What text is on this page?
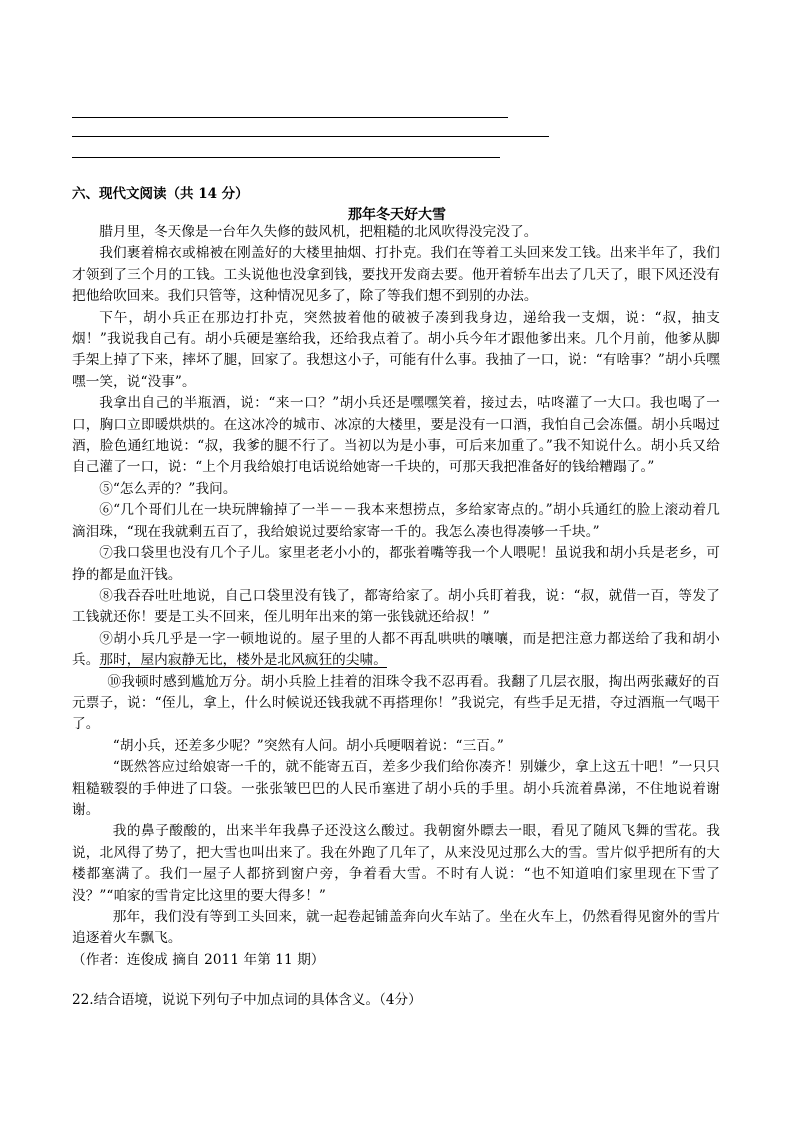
六、现代文阅读（共 14 分）
那年冬天好大雪

腊月里，冬天像是一台年久失修的鼓风机，把粗糙的北风吹得没完没了。

我们裹着棉衣或棉被在刚盖好的大楼里抽烟、打扑克。我们在等着工头回来发工钱。出来半年了，我们才领到了三个月的工钱。工头说他也没拿到钱，要找开发商去要。他开着轿车出去了几天了，眼下风还没有把他给吹回来。我们只管等，这种情况见多了，除了等我们想不到别的办法。

下午，胡小兵正在那边打扑克，突然披着他的破被子凑到我身边，递给我一支烟，说：“叔，抽支烟！”我说我自己有。胡小兵硬是塞给我，还给我点着了。胡小兵今年才跟他爹出来。几个月前，他爹从脚手架上掉了下来，摔坏了腿，回家了。我想这小子，可能有什么事。我抽了一口，说：“有啥事？”胡小兵嘿嘿一笑，说“没事”。

我拿出自己的半瓶酒，说：“来一口？”胡小兵还是嘿嘿笑着，接过去，咕咚灌了一大口。我也喝了一口，胸口立即暖烘烘的。在这冰冷的城市、冰凉的大楼里，要是没有一口酒，我怕自己会冻僵。胡小兵喝过酒，脸色通红地说：“叔，我爹的腿不行了。当初以为是小事，可后来加重了。”我不知说什么。胡小兵又给自己灌了一口，说：“上个月我给娘打电话说给她寄一千块的，可那天我把准备好的钱给糟蹋了。”

⑤“怎么弄的？”我问。

⑥“几个哥们儿在一块玩牌输掉了一半－－我本来想捞点，多给家寄点的。”胡小兵通红的脸上滚动着几滴泪珠，“现在我就剩五百了，我给娘说过要给家寄一千的。我怎么凑也得凑够一千块。”

⑦我口袋里也没有几个子儿。家里老老小小的，都张着嘴等我一个人喂呢！虽说我和胡小兵是老乡，可挣的都是血汗钱。

⑧我吞吞吐吐地说，自己口袋里没有钱了，都寄给家了。胡小兵盯着我，说：“叔，就借一百，等发了工钱就还你！要是工头不回来，侄儿明年出来的第一张钱就还给叔！”

⑨胡小兵几乎是一字一顿地说的。屋子里的人都不再乱哄哄的嚷嚷，而是把注意力都送给了我和胡小兵。那时，屋内寂静无比，楼外是北风疯狂的尖啸。

⑩我顿时感到尴尬万分。胡小兵脸上挂着的泪珠令我不忍再看。我翻了几层衣服，掏出两张藏好的百元票子，说：“侄儿，拿上，什么时候说还钱我就不再搭理你！”我说完，有些手足无措，夺过酒瓶一气喝干了。

“胡小兵，还差多少呢？”突然有人问。胡小兵哽咽着说：“三百。”

“既然答应过给娘寄一千的，就不能寄五百，差多少我们给你凑齐！别嫌少，拿上这五十吧！”一只只粗糙皲裂的手伸进了口袋。一张张皱巴巴的人民币塞进了胡小兵的手里。胡小兵流着鼻涕，不住地说着谢谢。

我的鼻子酸酸的，出来半年我鼻子还没这么酸过。我朝窗外瞟去一眼，看见了随风飞舞的雪花。我说，北风得了势了，把大雪也叫出来了。我在外跑了几年了，从来没见过那么大的雪。雪片似乎把所有的大楼都塞满了。我们一屋子人都挤到窗户旁，争着看大雪。不时有人说：“也不知道咱们家里现在下雪了没？”“咱家的雪肯定比这里的要大得多！”

那年，我们没有等到工头回来，就一起卷起铺盖奔向火车站了。坐在火车上，仍然看得见窗外的雪片追逐着火车飘飞。

（作者：连俊成 摘自 2011 年第 11 期）

22.结合语境，说说下列句子中加点词的具体含义。（4分）
